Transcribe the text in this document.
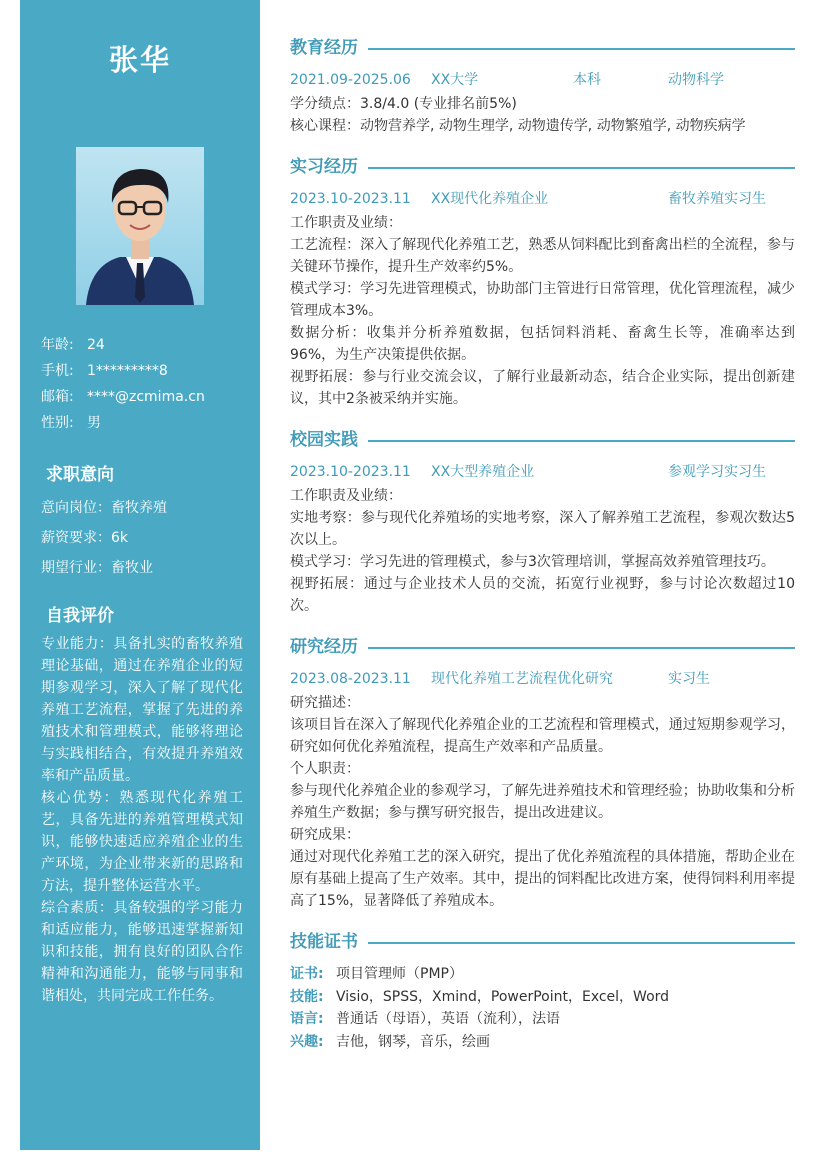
张华
年龄: 24
手机: 1*********8
邮箱: ****@zcmima.cn
性别: 男
求职意向
意向岗位：畜牧养殖
薪资要求：6k
期望行业：畜牧业
自我评价

专业能力：具备扎实的畜牧养殖理论基础，通过在养殖企业的短期参观学习，深入了解了现代化养殖工艺流程，掌握了先进的养殖技术和管理模式，能够将理论与实践相结合，有效提升养殖效率和产品质量。

核心优势：熟悉现代化养殖工艺，具备先进的养殖管理模式知识，能够快速适应养殖企业的生产环境，为企业带来新的思路和方法，提升整体运营水平。

综合素质：具备较强的学习能力和适应能力，能够迅速掌握新知识和技能，拥有良好的团队合作精神和沟通能力，能够与同事和谐相处，共同完成工作任务。

教育经历
2021.09-2025.06 XX大学	本科	动物科学

学分绩点：3.8/4.0 (专业排名前5%)

核心课程：动物营养学, 动物生理学, 动物遗传学, 动物繁殖学, 动物疾病学

实习经历
2023.10-2023.11 XX现代化养殖企业	畜牧养殖实习生

工作职责及业绩：

工艺流程：深入了解现代化养殖工艺，熟悉从饲料配比到畜禽出栏的全流程，参与关键环节操作，提升生产效率约5%。

模式学习：学习先进管理模式，协助部门主管进行日常管理，优化管理流程，减少管理成本3%。

数据分析：收集并分析养殖数据，包括饲料消耗、畜禽生长等，准确率达到96%，为生产决策提供依据。

视野拓展：参与行业交流会议，了解行业最新动态，结合企业实际，提出创新建议，其中2条被采纳并实施。

校园实践
2023.10-2023.11 XX大型养殖企业	参观学习实习生

工作职责及业绩：

实地考察：参与现代化养殖场的实地考察，深入了解养殖工艺流程，参观次数达5次以上。

模式学习：学习先进的管理模式，参与3次管理培训，掌握高效养殖管理技巧。

视野拓展：通过与企业技术人员的交流，拓宽行业视野，参与讨论次数超过10次。

研究经历
2023.08-2023.11 现代化养殖工艺流程优化研究	实习生

研究描述：

该项目旨在深入了解现代化养殖企业的工艺流程和管理模式，通过短期参观学习，研究如何优化养殖流程，提高生产效率和产品质量。

个人职责：

参与现代化养殖企业的参观学习，了解先进养殖技术和管理经验；协助收集和分析养殖生产数据；参与撰写研究报告，提出改进建议。

研究成果：

通过对现代化养殖工艺的深入研究，提出了优化养殖流程的具体措施，帮助企业在原有基础上提高了生产效率。其中，提出的饲料配比改进方案，使得饲料利用率提高了15%，显著降低了养殖成本。

技能证书
证书: 项目管理师（PMP）
技能: Visio，SPSS，Xmind，PowerPoint，Excel，Word
语言: 普通话（母语），英语（流利），法语
兴趣: 吉他，钢琴，音乐，绘画
